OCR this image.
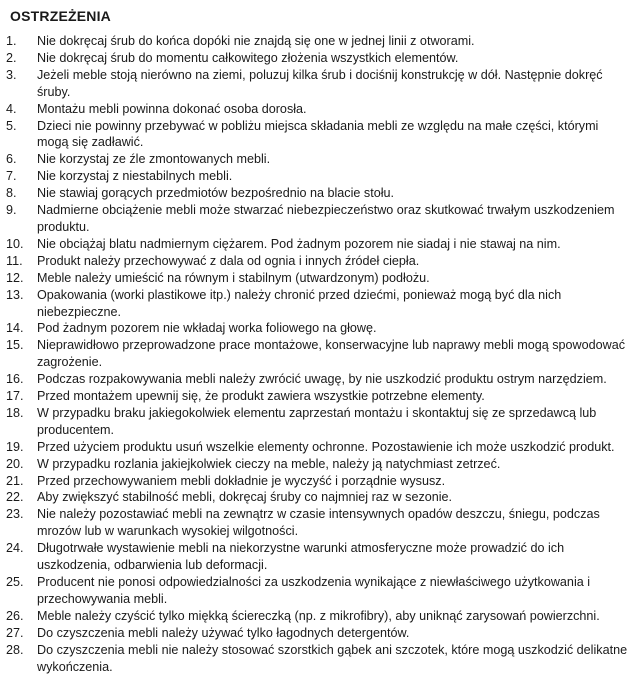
OSTRZEŻENIA
1.	Nie dokręcaj śrub do końca dopóki nie znajdą się one w jednej linii z otworami.
2.	Nie dokręcaj śrub do momentu całkowitego złożenia wszystkich elementów.
3.	Jeżeli meble stoją nierówno na ziemi, poluzuj kilka śrub i dociśnij konstrukcję w dół. Następnie dokręć śruby.
4.	Montażu mebli powinna dokonać osoba dorosła.
5.	Dzieci nie powinny przebywać w pobliżu miejsca składania mebli ze względu na małe części, którymi mogą się zadławić.
6.	Nie korzystaj ze źle zmontowanych mebli.
7.	Nie korzystaj z niestabilnych mebli.
8.	Nie stawiaj gorących przedmiotów bezpośrednio na blacie stołu.
9.	Nadmierne obciążenie mebli może stwarzać niebezpieczeństwo oraz skutkować trwałym uszkodzeniem produktu.
10.	Nie obciążaj blatu nadmiernym ciężarem. Pod żadnym pozorem nie siadaj i nie stawaj na nim.
11.	Produkt należy przechowywać z dala od ognia i innych źródeł ciepła.
12.	Meble należy umieścić na równym i stabilnym (utwardzonym) podłożu.
13.	Opakowania (worki plastikowe itp.) należy chronić przed dziećmi, ponieważ mogą być dla nich niebezpieczne.
14.	Pod żadnym pozorem nie wkładaj worka foliowego na głowę.
15.	Nieprawidłowo przeprowadzone prace montażowe, konserwacyjne lub naprawy mebli mogą spowodować zagrożenie.
16.	Podczas rozpakowywania mebli należy zwrócić uwagę, by nie uszkodzić produktu ostrym narzędziem.
17.	Przed montażem upewnij się, że produkt zawiera wszystkie potrzebne elementy.
18.	W przypadku braku jakiegokolwiek elementu zaprzestań montażu i skontaktuj się ze sprzedawcą lub producentem.
19.	Przed użyciem produktu usuń wszelkie elementy ochronne. Pozostawienie ich może uszkodzić produkt.
20.	W przypadku rozlania jakiejkolwiek cieczy na meble, należy ją natychmiast zetrzeć.
21.	Przed przechowywaniem mebli dokładnie je wyczyść i porządnie wysusz.
22.	Aby zwiększyć stabilność mebli, dokręcaj śruby co najmniej raz w sezonie.
23.	Nie należy pozostawiać mebli na zewnątrz w czasie intensywnych opadów deszczu, śniegu, podczas mrozów lub w warunkach wysokiej wilgotności.
24.	Długotrwałe wystawienie mebli na niekorzystne warunki atmosferyczne może prowadzić do ich uszkodzenia, odbarwienia lub deformacji.
25.	Producent nie ponosi odpowiedzialności za uszkodzenia wynikające z niewłaściwego użytkowania i przechowywania mebli.
26.	Meble należy czyścić tylko miękką ściereczką (np. z mikrofibry), aby uniknąć zarysowań powierzchni.
27.	Do czyszczenia mebli należy używać tylko łagodnych detergentów.
28.	Do czyszczenia mebli nie należy stosować szorstkich gąbek ani szczotek, które mogą uszkodzić delikatne wykończenia.
